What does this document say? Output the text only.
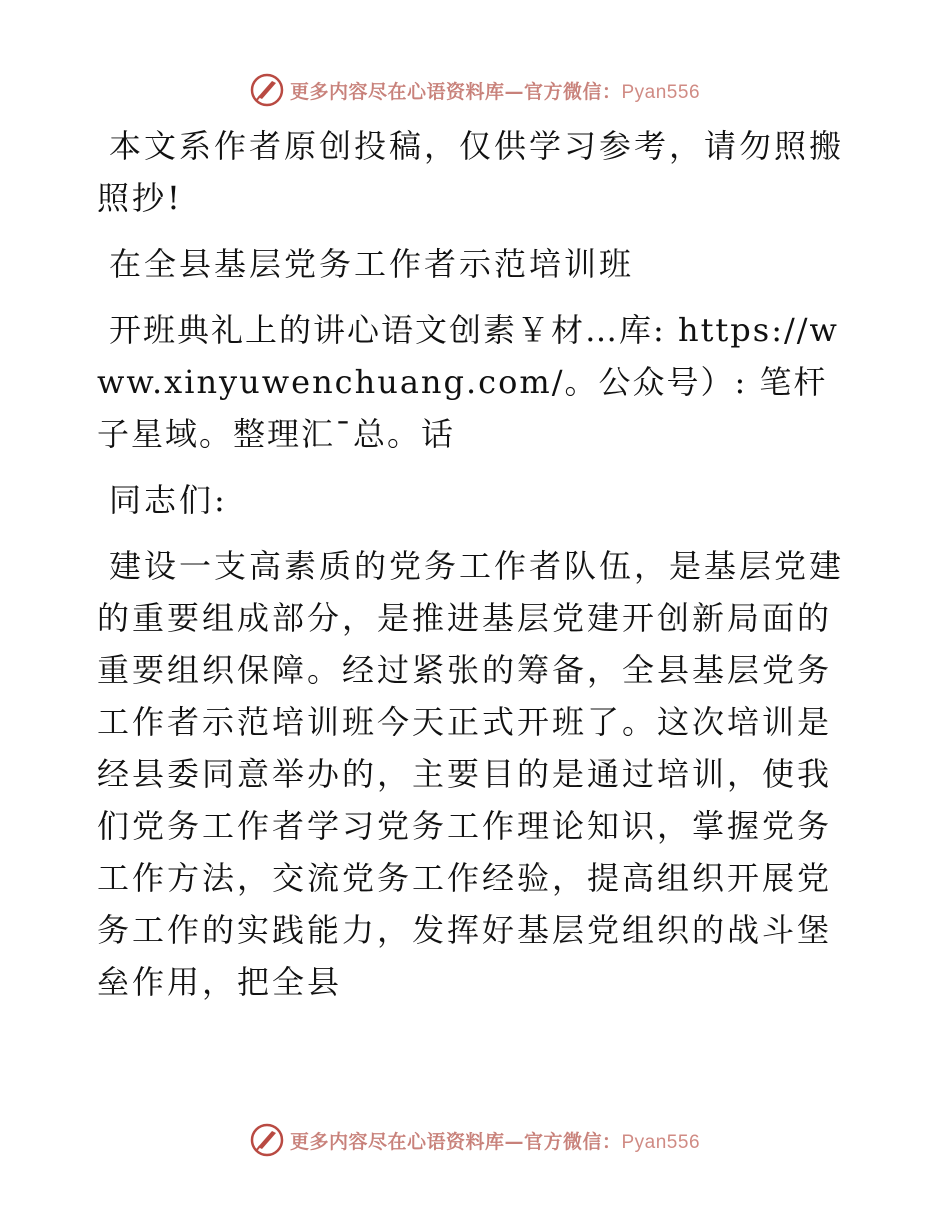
更多内容尽在心语资料库—官方微信：Pyan556

本文系作者原创投稿，仅供学习参考，请勿照搬照抄!

在全县基层党务工作者示范培训班

开班典礼上的讲心语文创素￥材…库: https://www.xinyuwenchuang.com/。公众号）: 笔杆子星域。整理汇¯总。话

同志们:

建设一支高素质的党务工作者队伍，是基层党建的重要组成部分，是推进基层党建开创新局面的重要组织保障。经过紧张的筹备，全县基层党务工作者示范培训班今天正式开班了。这次培训是经县委同意举办的，主要目的是通过培训，使我们党务工作者学习党务工作理论知识，掌握党务工作方法，交流党务工作经验，提高组织开展党务工作的实践能力，发挥好基层党组织的战斗堡垒作用，把全县

更多内容尽在心语资料库—官方微信：Pyan556
